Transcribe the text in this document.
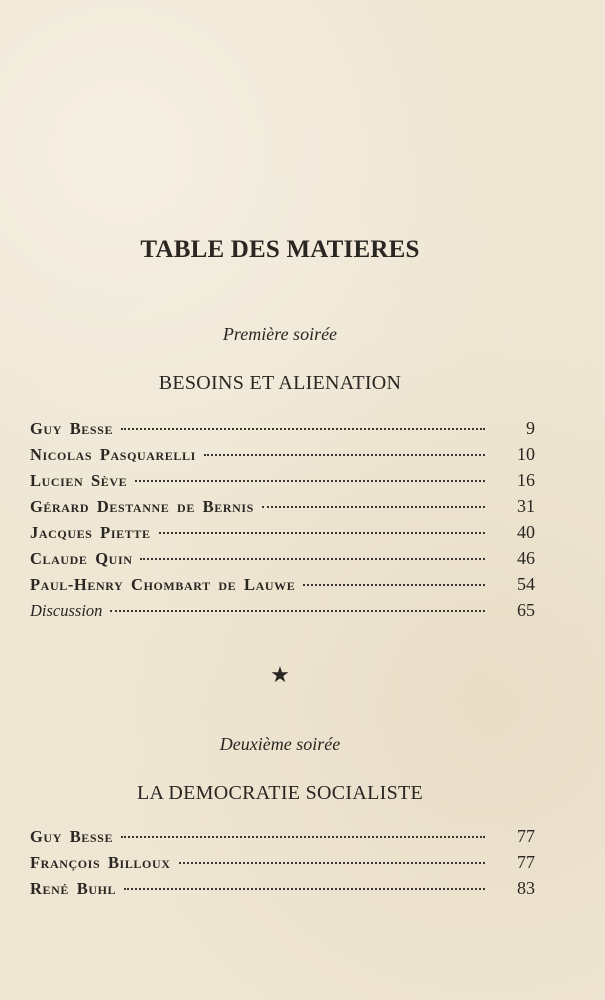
TABLE DES MATIERES
Première soirée
BESOINS ET ALIENATION
Guy Besse	9
Nicolas Pasquarelli	10
Lucien Sève	16
Gérard Destanne de Bernis	31
Jacques Piette	40
Claude Quin	46
Paul-Henry Chombart de Lauwe	54
Discussion	65
★
Deuxième soirée
LA DEMOCRATIE SOCIALISTE
Guy Besse	77
François Billoux	77
René Buhl	83
